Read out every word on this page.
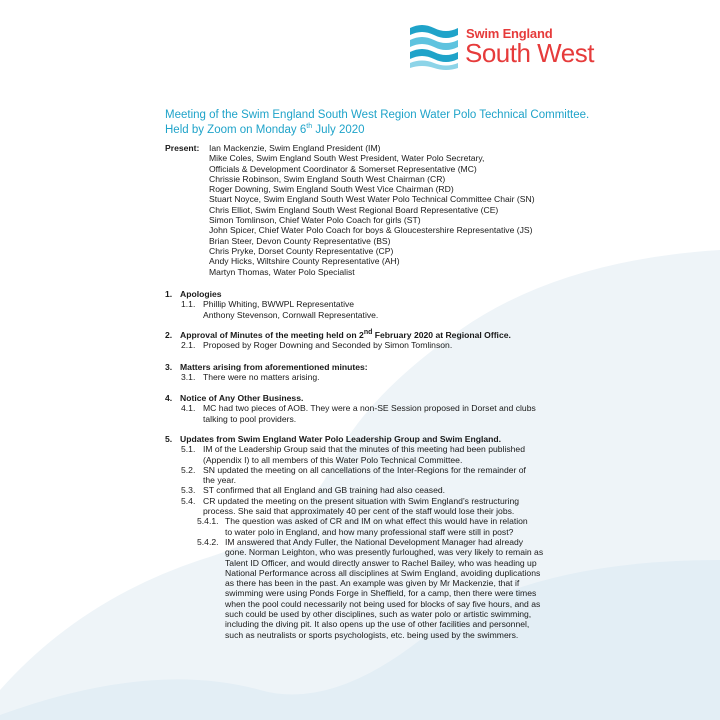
Swim England
South West
Meeting of the Swim England South West Region Water Polo Technical Committee.
Held by Zoom on Monday 6th July 2020
Present: Ian Mackenzie, Swim England President (IM)
Mike Coles, Swim England South West President, Water Polo Secretary,
Officials & Development Coordinator & Somerset Representative (MC)
Chrissie Robinson, Swim England South West Chairman (CR)
Roger Downing, Swim England South West Vice Chairman (RD)
Stuart Noyce, Swim England South West Water Polo Technical Committee Chair (SN)
Chris Elliot, Swim England South West Regional Board Representative (CE)
Simon Tomlinson, Chief Water Polo Coach for girls (ST)
John Spicer, Chief Water Polo Coach for boys & Gloucestershire Representative (JS)
Brian Steer, Devon County Representative (BS)
Chris Pryke, Dorset County Representative (CP)
Andy Hicks, Wiltshire County Representative (AH)
Martyn Thomas, Water Polo Specialist
1. Apologies
1.1. Phillip Whiting, BWWPL Representative
Anthony Stevenson, Cornwall Representative.
2. Approval of Minutes of the meeting held on 2nd February 2020 at Regional Office.
2.1. Proposed by Roger Downing and Seconded by Simon Tomlinson.
3. Matters arising from aforementioned minutes:
3.1. There were no matters arising.
4. Notice of Any Other Business.
4.1. MC had two pieces of AOB. They were a non-SE Session proposed in Dorset and clubs
talking to pool providers.
5. Updates from Swim England Water Polo Leadership Group and Swim England.
5.1. IM of the Leadership Group said that the minutes of this meeting had been published
(Appendix I) to all members of this Water Polo Technical Committee.
5.2. SN updated the meeting on all cancellations of the Inter-Regions for the remainder of
the year.
5.3. ST confirmed that all England and GB training had also ceased.
5.4. CR updated the meeting on the present situation with Swim England’s restructuring
process. She said that approximately 40 per cent of the staff would lose their jobs.
5.4.1. The question was asked of CR and IM on what effect this would have in relation
to water polo in England, and how many professional staff were still in post?
5.4.2. IM answered that Andy Fuller, the National Development Manager had already
gone. Norman Leighton, who was presently furloughed, was very likely to remain as
Talent ID Officer, and would directly answer to Rachel Bailey, who was heading up
National Performance across all disciplines at Swim England, avoiding duplications
as there has been in the past. An example was given by Mr Mackenzie, that if
swimming were using Ponds Forge in Sheffield, for a camp, then there were times
when the pool could necessarily not being used for blocks of say five hours, and as
such could be used by other disciplines, such as water polo or artistic swimming,
including the diving pit. It also opens up the use of other facilities and personnel,
such as neutralists or sports psychologists, etc. being used by the swimmers.
